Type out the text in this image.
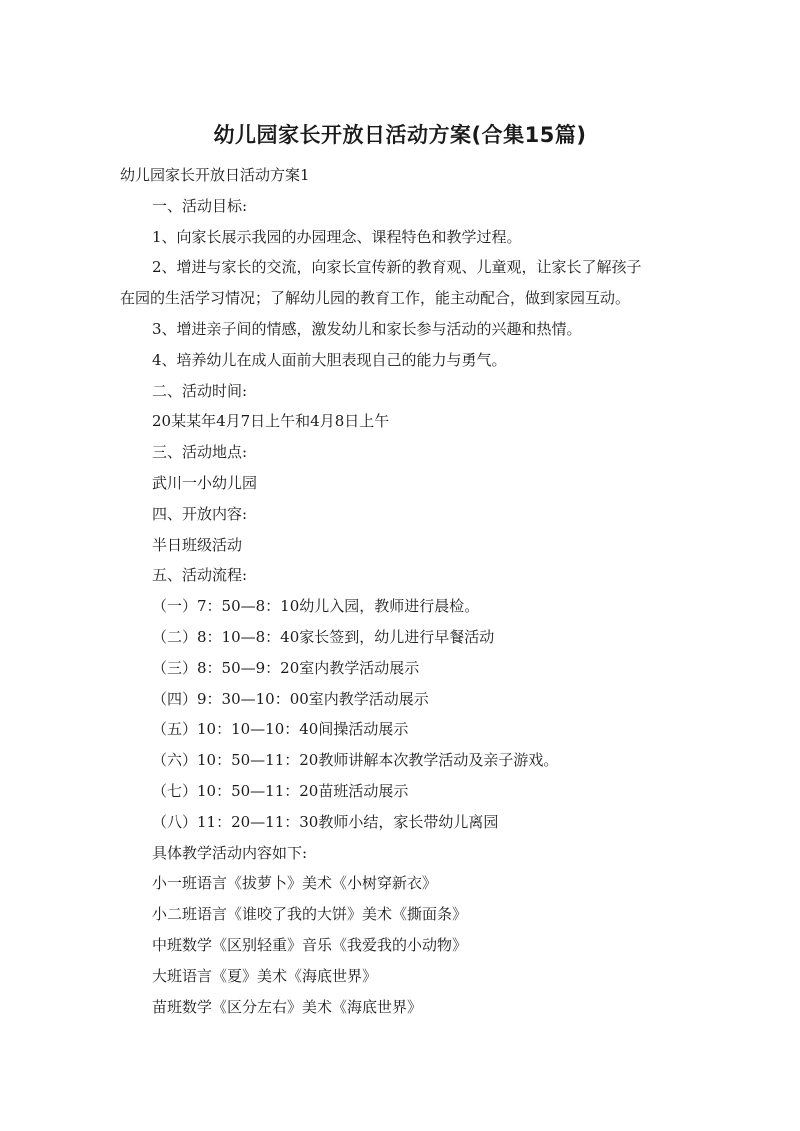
幼儿园家长开放日活动方案(合集15篇)

幼儿园家长开放日活动方案1

一、活动目标:

1、向家长展示我园的办园理念、课程特色和教学过程。

2、增进与家长的交流，向家长宣传新的教育观、儿童观，让家长了解孩子

在园的生活学习情况；了解幼儿园的教育工作，能主动配合，做到家园互动。

3、增进亲子间的情感，激发幼儿和家长参与活动的兴趣和热情。

4、培养幼儿在成人面前大胆表现自己的能力与勇气。

二、活动时间:

20某某年4月7日上午和4月8日上午

三、活动地点:

武川一小幼儿园

四、开放内容:

半日班级活动

五、活动流程:

（一）7：50—8：10幼儿入园，教师进行晨检。

（二）8：10—8：40家长签到，幼儿进行早餐活动

（三）8：50—9：20室内教学活动展示

（四）9：30—10：00室内教学活动展示

（五）10：10—10：40间操活动展示

（六）10：50—11：20教师讲解本次教学活动及亲子游戏。

（七）10：50—11：20苗班活动展示

（八）11：20—11：30教师小结，家长带幼儿离园

具体教学活动内容如下:

小一班语言《拔萝卜》美术《小树穿新衣》

小二班语言《谁咬了我的大饼》美术《撕面条》

中班数学《区别轻重》音乐《我爱我的小动物》

大班语言《夏》美术《海底世界》

苗班数学《区分左右》美术《海底世界》
